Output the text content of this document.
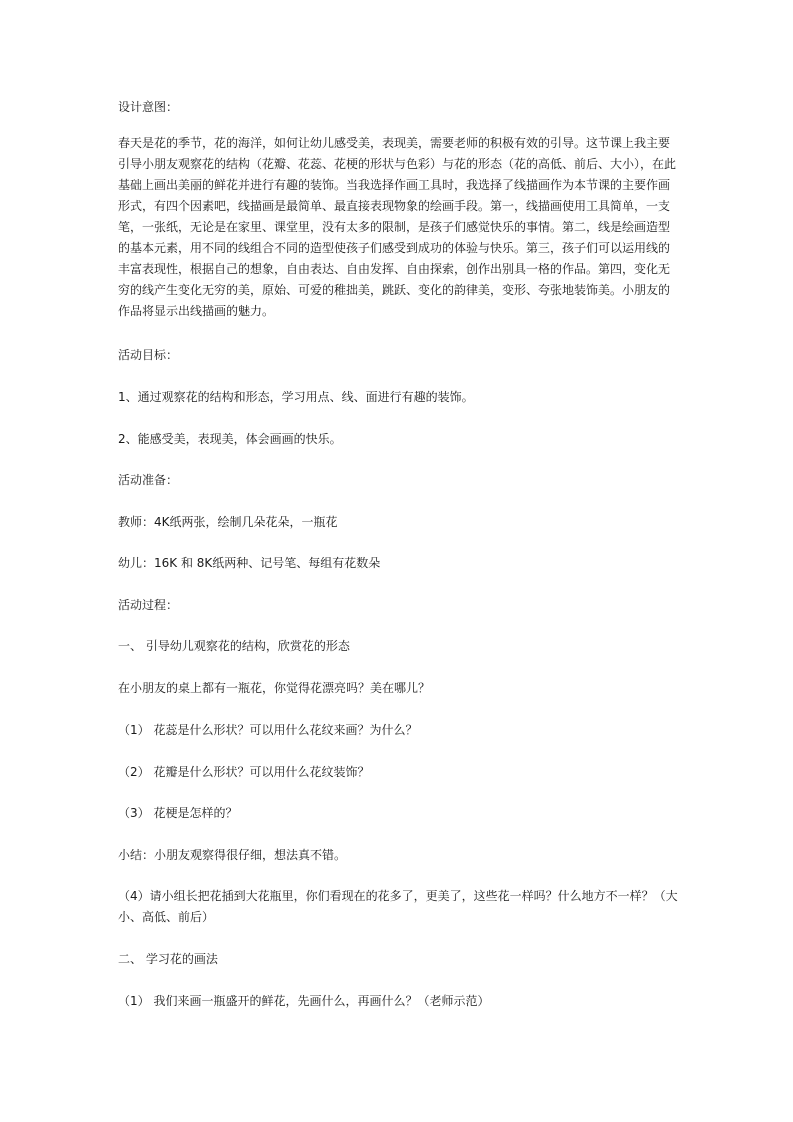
设计意图：

春天是花的季节，花的海洋，如何让幼儿感受美，表现美，需要老师的积极有效的引导。这节课上我主要
引导小朋友观察花的结构（花瓣、花蕊、花梗的形状与色彩）与花的形态（花的高低、前后、大小），在此
基础上画出美丽的鲜花并进行有趣的装饰。当我选择作画工具时，我选择了线描画作为本节课的主要作画
形式，有四个因素吧，线描画是最简单、最直接表现物象的绘画手段。第一，线描画使用工具简单，一支
笔，一张纸，无论是在家里、课堂里，没有太多的限制，是孩子们感觉快乐的事情。第二，线是绘画造型
的基本元素，用不同的线组合不同的造型使孩子们感受到成功的体验与快乐。第三，孩子们可以运用线的
丰富表现性，根据自己的想象，自由表达、自由发挥、自由探索，创作出别具一格的作品。第四，变化无
穷的线产生变化无穷的美，原始、可爱的稚拙美，跳跃、变化的韵律美，变形、夸张地装饰美。小朋友的
作品将显示出线描画的魅力。

活动目标：

1、通过观察花的结构和形态，学习用点、线、面进行有趣的装饰。

2、能感受美，表现美，体会画画的快乐。

活动准备：

教师：4K纸两张，绘制几朵花朵，一瓶花

幼儿：16K 和 8K纸两种、记号笔、每组有花数朵

活动过程：

一、 引导幼儿观察花的结构，欣赏花的形态

在小朋友的桌上都有一瓶花，你觉得花漂亮吗？美在哪儿？

（1） 花蕊是什么形状？可以用什么花纹来画？为什么？

（2） 花瓣是什么形状？可以用什么花纹装饰？

（3） 花梗是怎样的？

小结：小朋友观察得很仔细，想法真不错。

（4）请小组长把花插到大花瓶里，你们看现在的花多了，更美了，这些花一样吗？什么地方不一样？（大
小、高低、前后）

二、 学习花的画法

（1） 我们来画一瓶盛开的鲜花，先画什么，再画什么？（老师示范）
